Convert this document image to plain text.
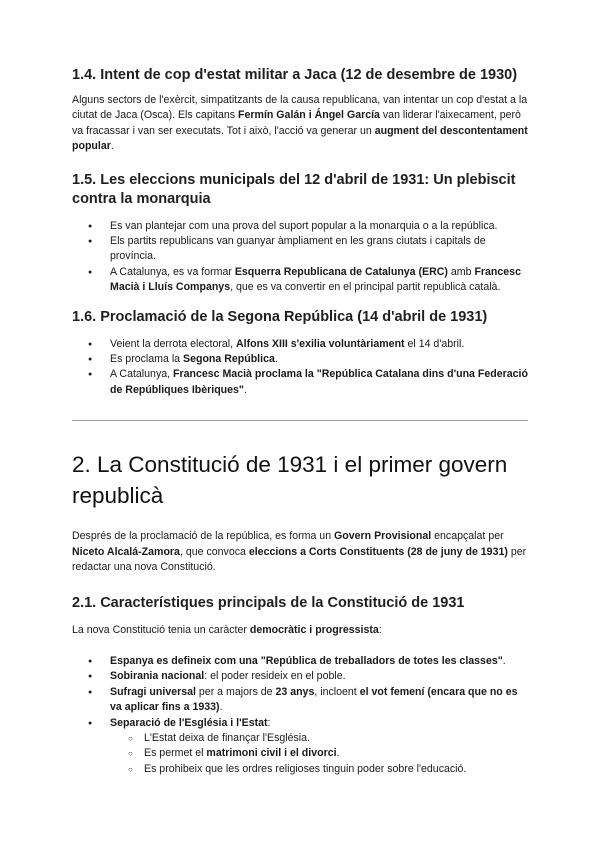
1.4. Intent de cop d'estat militar a Jaca (12 de desembre de 1930)

Alguns sectors de l'exèrcit, simpatitzants de la causa republicana, van intentar un cop d'estat a la ciutat de Jaca (Osca). Els capitans Fermín Galán i Ángel García van liderar l'aixecament, però va fracassar i van ser executats. Tot i això, l'acció va generar un augment del descontentament popular.

1.5. Les eleccions municipals del 12 d'abril de 1931: Un plebiscit contra la monarquia
● Es van plantejar com una prova del suport popular a la monarquia o a la república.
● Els partits republicans van guanyar àmpliament en les grans ciutats i capitals de província.
● A Catalunya, es va formar Esquerra Republicana de Catalunya (ERC) amb Francesc Macià i Lluís Companys, que es va convertir en el principal partit republicà català.
1.6. Proclamació de la Segona República (14 d'abril de 1931)
● Veient la derrota electoral, Alfons XIII s'exilia voluntàriament el 14 d'abril.
● Es proclama la Segona República.
● A Catalunya, Francesc Macià proclama la "República Catalana dins d'una Federació de Repúbliques Ibèriques".
2. La Constitució de 1931 i el primer govern republicà

Després de la proclamació de la república, es forma un Govern Provisional encapçalat per Niceto Alcalá-Zamora, que convoca eleccions a Corts Constituents (28 de juny de 1931) per redactar una nova Constitució.

2.1. Característiques principals de la Constitució de 1931

La nova Constitució tenia un caràcter democràtic i progressista:

● Espanya es defineix com una "República de treballadors de totes les classes".
● Sobirania nacional: el poder resideix en el poble.
● Sufragi universal per a majors de 23 anys, incloent el vot femení (encara que no es va aplicar fins a 1933).
● Separació de l'Església i l'Estat:
○ L'Estat deixa de finançar l'Església.
○ Es permet el matrimoni civil i el divorci.
○ Es prohibeix que les ordres religioses tinguin poder sobre l'educació.
